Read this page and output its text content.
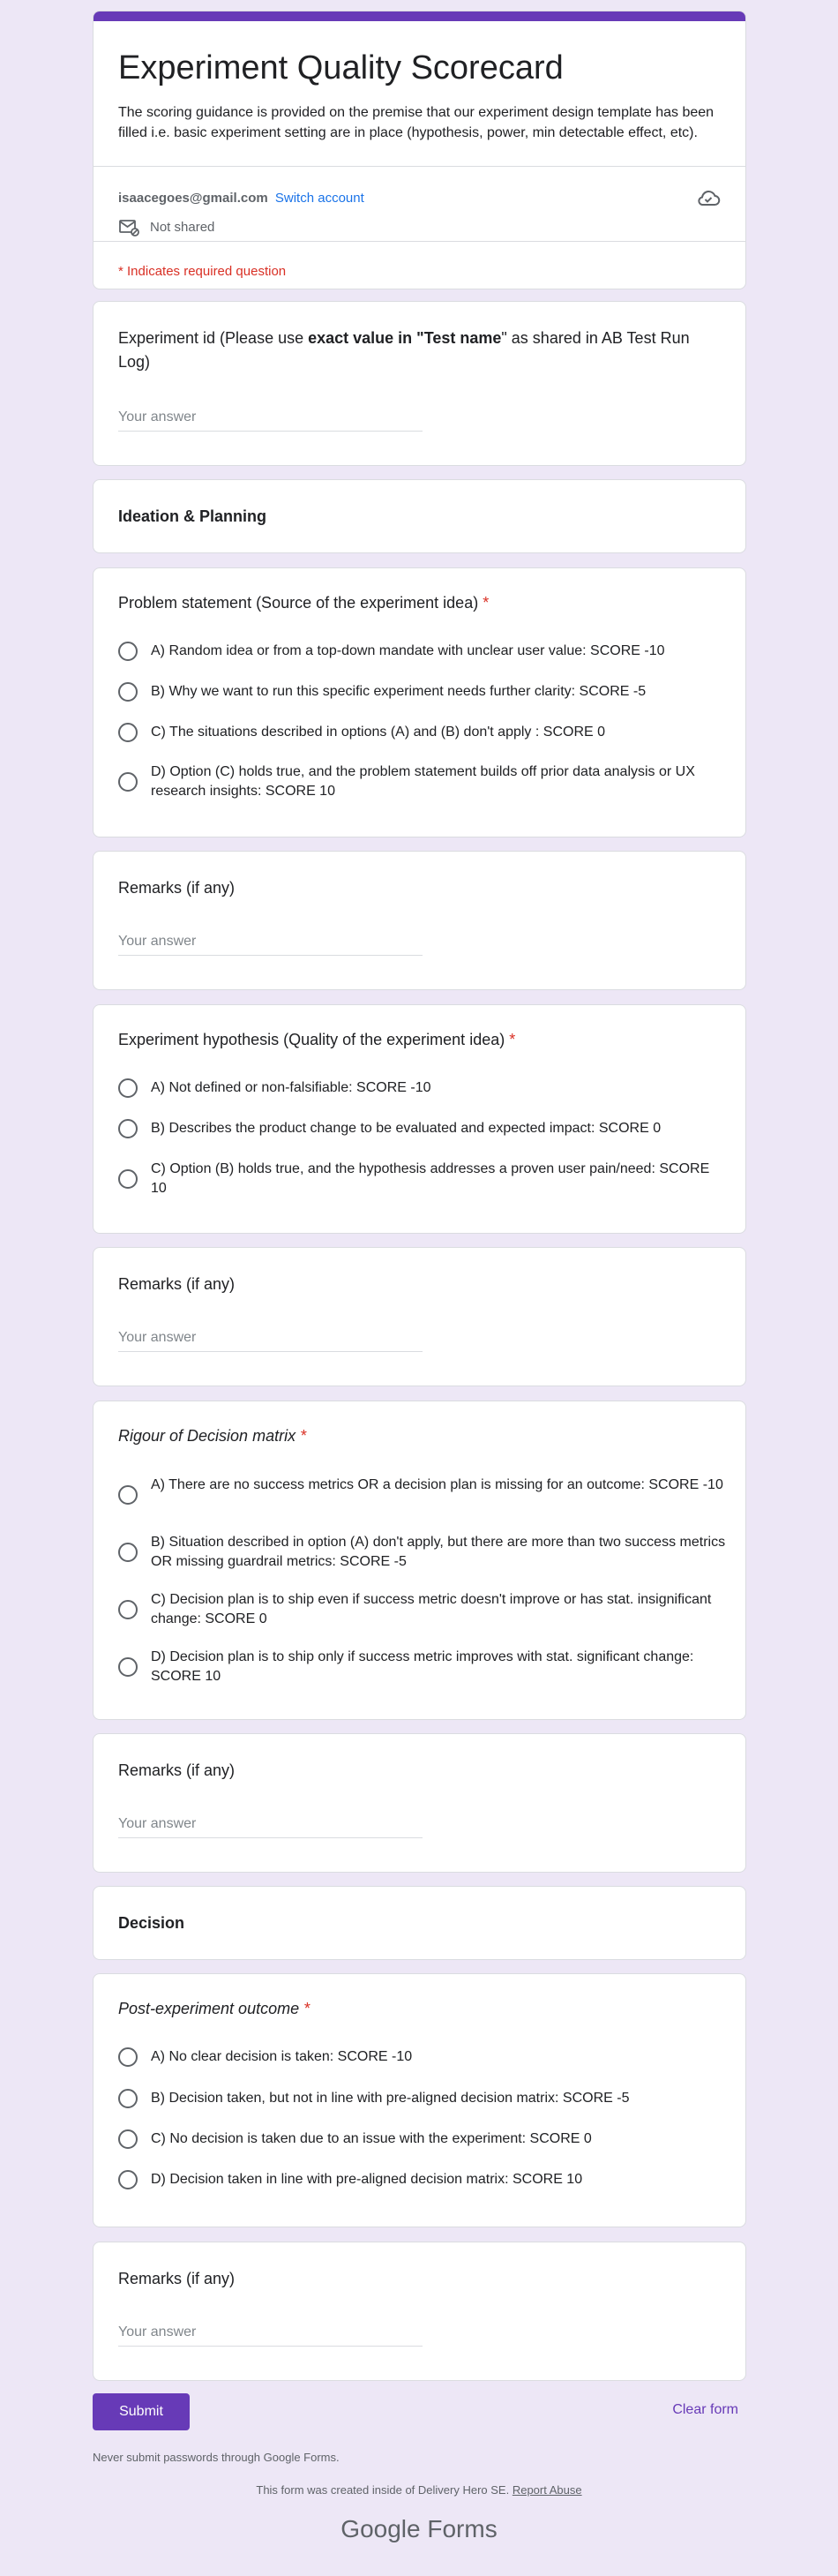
Experiment Quality Scorecard
The scoring guidance is provided on the premise that our experiment design template has been filled i.e. basic experiment setting are in place (hypothesis, power, min detectable effect, etc).
isaacegoes@gmail.com Switch account
Not shared
* Indicates required question
Experiment id (Please use exact value in "Test name" as shared in AB Test Run Log)
Your answer
Ideation & Planning
Problem statement (Source of the experiment idea) *
A) Random idea or from a top-down mandate with unclear user value: SCORE -10
B) Why we want to run this specific experiment needs further clarity: SCORE -5
C) The situations described in options (A) and (B) don't apply : SCORE 0
D) Option (C) holds true, and the problem statement builds off prior data analysis or UX research insights: SCORE 10
Remarks (if any)
Your answer
Experiment hypothesis (Quality of the experiment idea) *
A) Not defined or non-falsifiable: SCORE -10
B) Describes the product change to be evaluated and expected impact: SCORE 0
C) Option (B) holds true, and the hypothesis addresses a proven user pain/need: SCORE 10
Remarks (if any)
Your answer
Rigour of Decision matrix *
A) There are no success metrics OR a decision plan is missing for an outcome: SCORE -10
B) Situation described in option (A) don't apply, but there are more than two success metrics OR missing guardrail metrics: SCORE -5
C) Decision plan is to ship even if success metric doesn't improve or has stat. insignificant change: SCORE 0
D) Decision plan is to ship only if success metric improves with stat. significant change: SCORE 10
Remarks (if any)
Your answer
Decision
Post-experiment outcome *
A) No clear decision is taken: SCORE -10
B) Decision taken, but not in line with pre-aligned decision matrix: SCORE -5
C) No decision is taken due to an issue with the experiment: SCORE 0
D) Decision taken in line with pre-aligned decision matrix: SCORE 10
Remarks (if any)
Your answer
Submit	Clear form
Never submit passwords through Google Forms.
This form was created inside of Delivery Hero SE. Report Abuse
Google Forms
